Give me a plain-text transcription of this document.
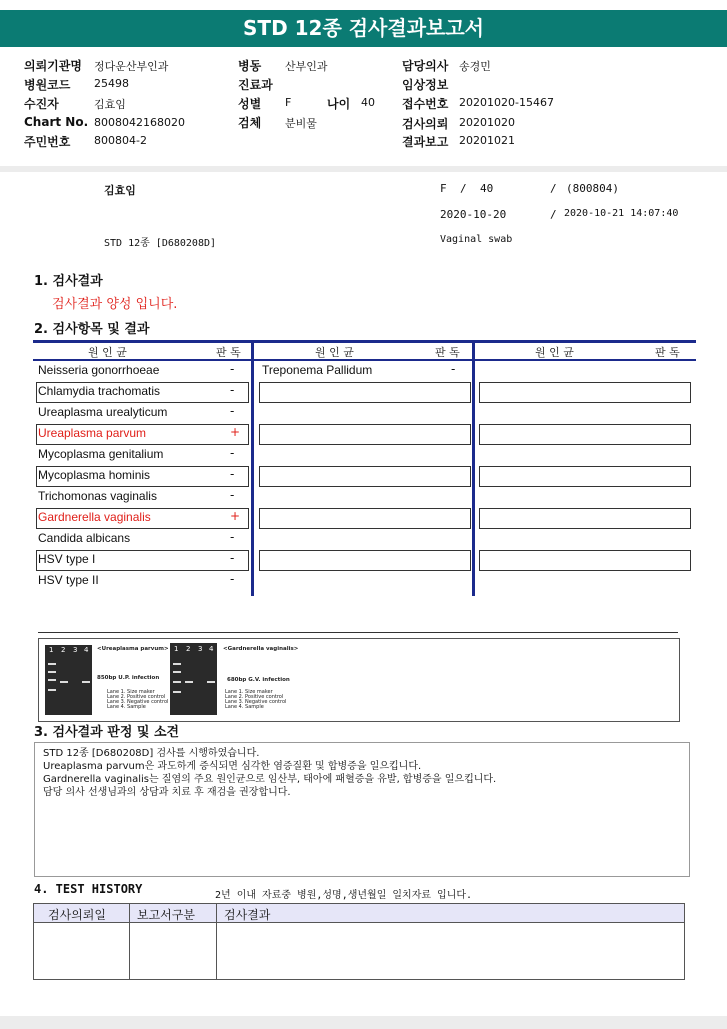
STD 12종 검사결과보고서
의뢰기관명 정다운산부인과
병원코드 25498
수진자	김효임
Chart No. 8008042168020
주민번호 800804-2
병동 산부인과
진료과
성별 F	나이 40
검체 분비물
담당의사 송경민
임상정보
접수번호 20201020-15467
검사의뢰 20201020
결과보고 20201021
김효임	F / 40	/ (800804)
2020-10-20	/ 2020-10-21 14:07:40
STD 12종 [D680208D]	Vaginal swab
1. 검사결과
검사결과 양성 입니다.
2. 검사항목 및 결과
원 인 균	판 독	원 인 균	판 독	원 인 균	판 독
Neisseria gonorrhoeae	-
Chlamydia trachomatis	-
Ureaplasma urealyticum	-
Ureaplasma parvum	+
Mycoplasma genitalium	-
Mycoplasma hominis	-
Trichomonas vaginalis	-
Gardnerella vaginalis	+
Candida albicans	-
HSV type I	-
HSV type II	-
Treponema Pallidum	-
1 2 3 4 <Ureaplasma parvum>
850bp U.P. infection
Lane 1. Size maker
Lane 2. Positive control
Lane 3. Negative control
Lane 4. Sample
1 2 3 4 <Gardnerella vaginalis>
680bp G.V. infection
Lane 1. Size maker
Lane 2. Positive control
Lane 3. Negative control
Lane 4. Sample
3. 검사결과 판정 및 소견
STD 12종 [D680208D] 검사를 시행하였습니다.
Ureaplasma parvum은 과도하게 증식되면 심각한 염증질환 및 합병증을 일으킵니다.
Gardnerella vaginalis는 질염의 주요 원인균으로 임산부, 태아에 패혈증을 유발, 합병증을 일으킵니다.
담당 의사 선생님과의 상담과 치료 후 재검을 권장합니다.
4. TEST HISTORY	2년 이내 자료중 병원,성명,생년월일 일치자료 입니다.
검사의뢰일	보고서구분 검사결과
